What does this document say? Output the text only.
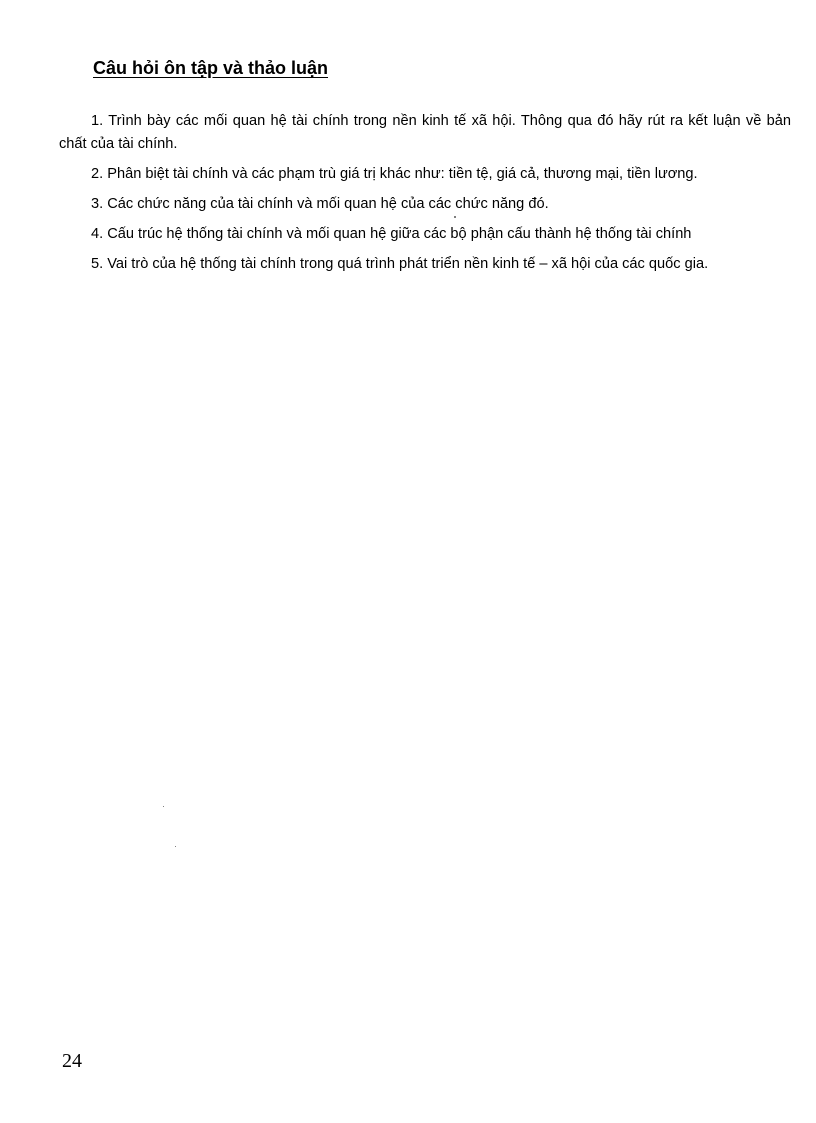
Câu hỏi ôn tập và thảo luận
1. Trình bày các mối quan hệ tài chính trong nền kinh tế xã hội. Thông qua đó hãy rút ra kết luận về bản chất của tài chính.
2. Phân biệt tài chính và các phạm trù giá trị khác như: tiền tệ, giá cả, thương mại, tiền lương.
3. Các chức năng của tài chính và mối quan hệ của các chức năng đó.
4. Cấu trúc hệ thống tài chính và mối quan hệ giữa các bộ phận cấu thành hệ thống tài chính
5. Vai trò của hệ thống tài chính trong quá trình phát triển nền kinh tế – xã hội của các quốc gia.

24
